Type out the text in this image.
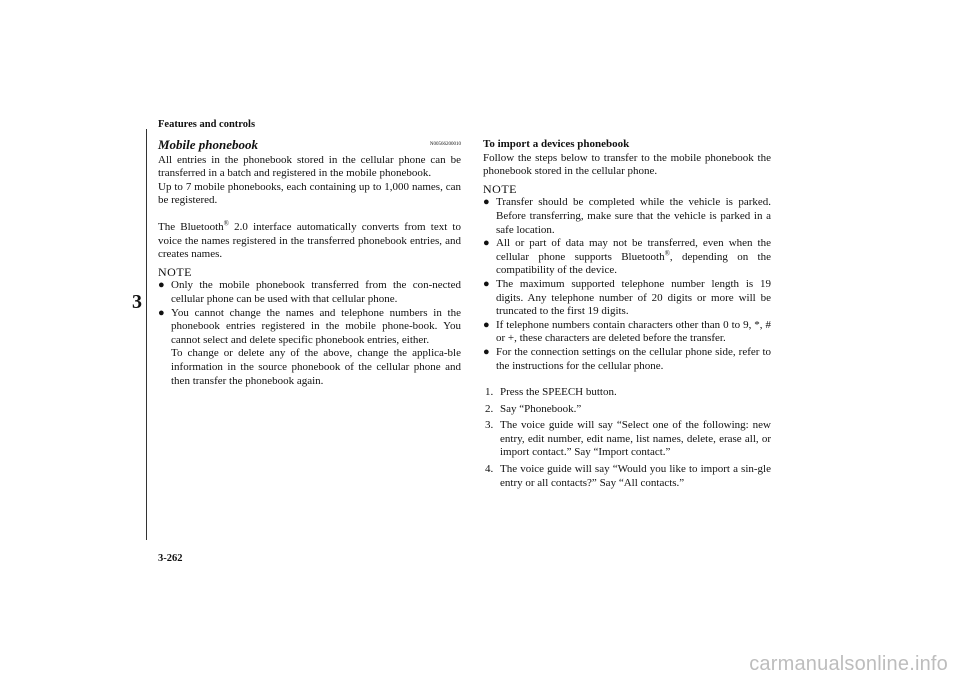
Features and controls
3
Mobile phonebook	N00566200010

All entries in the phonebook stored in the cellular phone can be transferred in a batch and registered in the mobile phonebook.

Up to 7 mobile phonebooks, each containing up to 1,000 names, can be registered.

The Bluetooth® 2.0 interface automatically converts from text to voice the names registered in the transferred phonebook entries, and creates names.

NOTE
● Only the mobile phonebook transferred from the con-nected cellular phone can be used with that cellular phone.
● You cannot change the names and telephone numbers in the phonebook entries registered in the mobile phone-book. You cannot select and delete specific phonebook entries, either.
To change or delete any of the above, change the applica-ble information in the source phonebook of the cellular phone and then transfer the phonebook again.
To import a devices phonebook

Follow the steps below to transfer to the mobile phonebook the phonebook stored in the cellular phone.

NOTE
● Transfer should be completed while the vehicle is parked. Before transferring, make sure that the vehicle is parked in a safe location.
● All or part of data may not be transferred, even when the cellular phone supports Bluetooth®, depending on the compatibility of the device.
● The maximum supported telephone number length is 19 digits. Any telephone number of 20 digits or more will be truncated to the first 19 digits.
● If telephone numbers contain characters other than 0 to 9, *, # or +, these characters are deleted before the transfer.
● For the connection settings on the cellular phone side, refer to the instructions for the cellular phone.
1. Press the SPEECH button.
2. Say “Phonebook.”
3. The voice guide will say “Select one of the following: new entry, edit number, edit name, list names, delete, erase all, or import contact.” Say “Import contact.”
4. The voice guide will say “Would you like to import a sin-gle entry or all contacts?” Say “All contacts.”
3-262
carmanualsonline.info
